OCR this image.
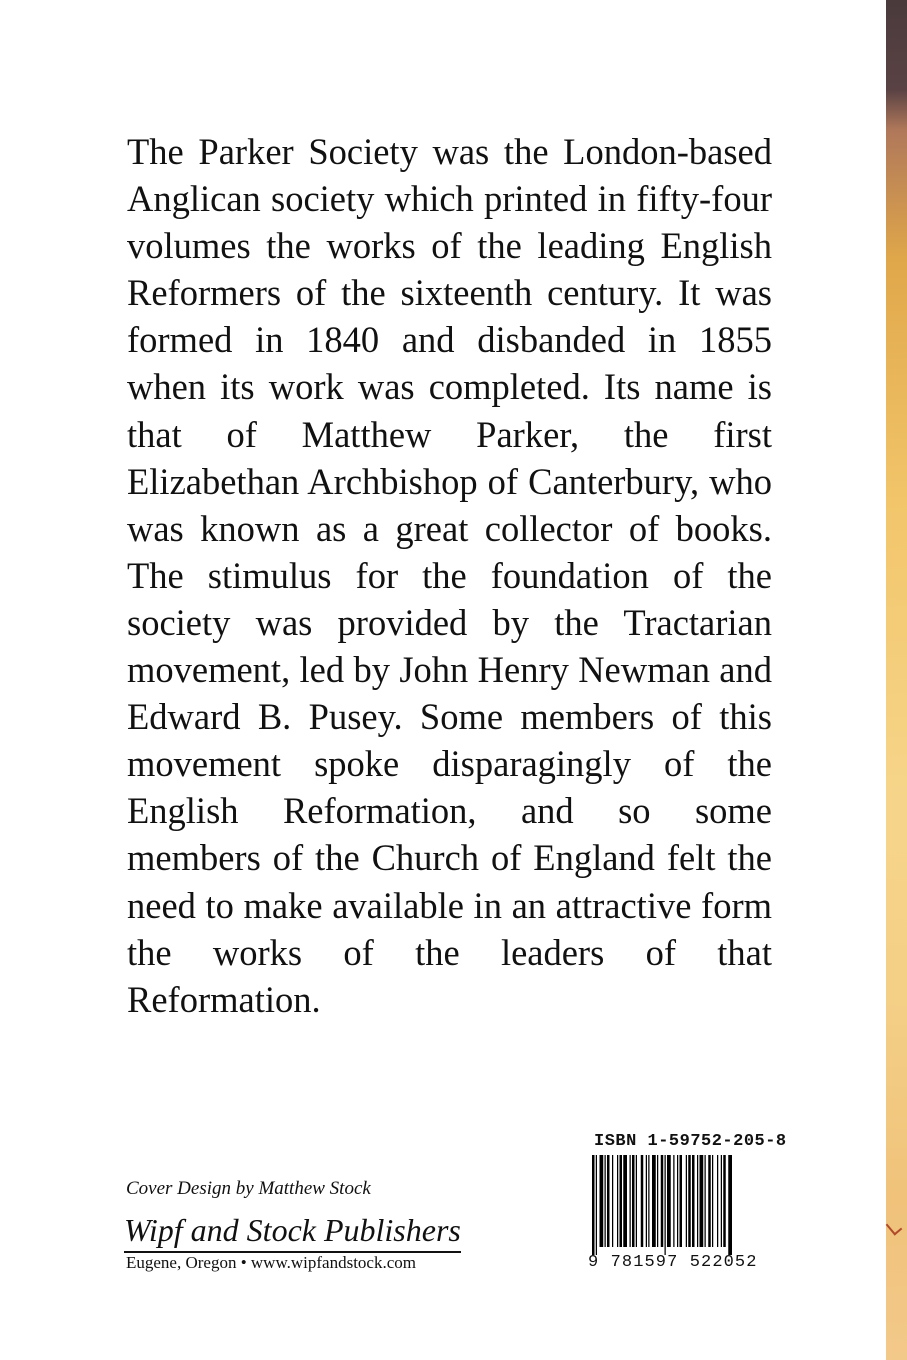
The Parker Society was the London-based Anglican society which printed in fifty-four volumes the works of the leading English Reformers of the sixteenth century. It was formed in 1840 and disbanded in 1855 when its work was completed. Its name is that of Matthew Parker, the first Elizabethan Archbishop of Canterbury, who was known as a great collector of books. The stimulus for the foundation of the society was provided by the Tractarian movement, led by John Henry Newman and Edward B. Pusey. Some members of this movement spoke disparagingly of the English Reformation, and so some members of the Church of England felt the need to make available in an attractive form the works of the leaders of that Reformation.

Cover Design by Matthew Stock

Wipf and Stock Publishers
Eugene, Oregon • www.wipfandstock.com
ISBN 1-59752-205-8
9 781597 522052
